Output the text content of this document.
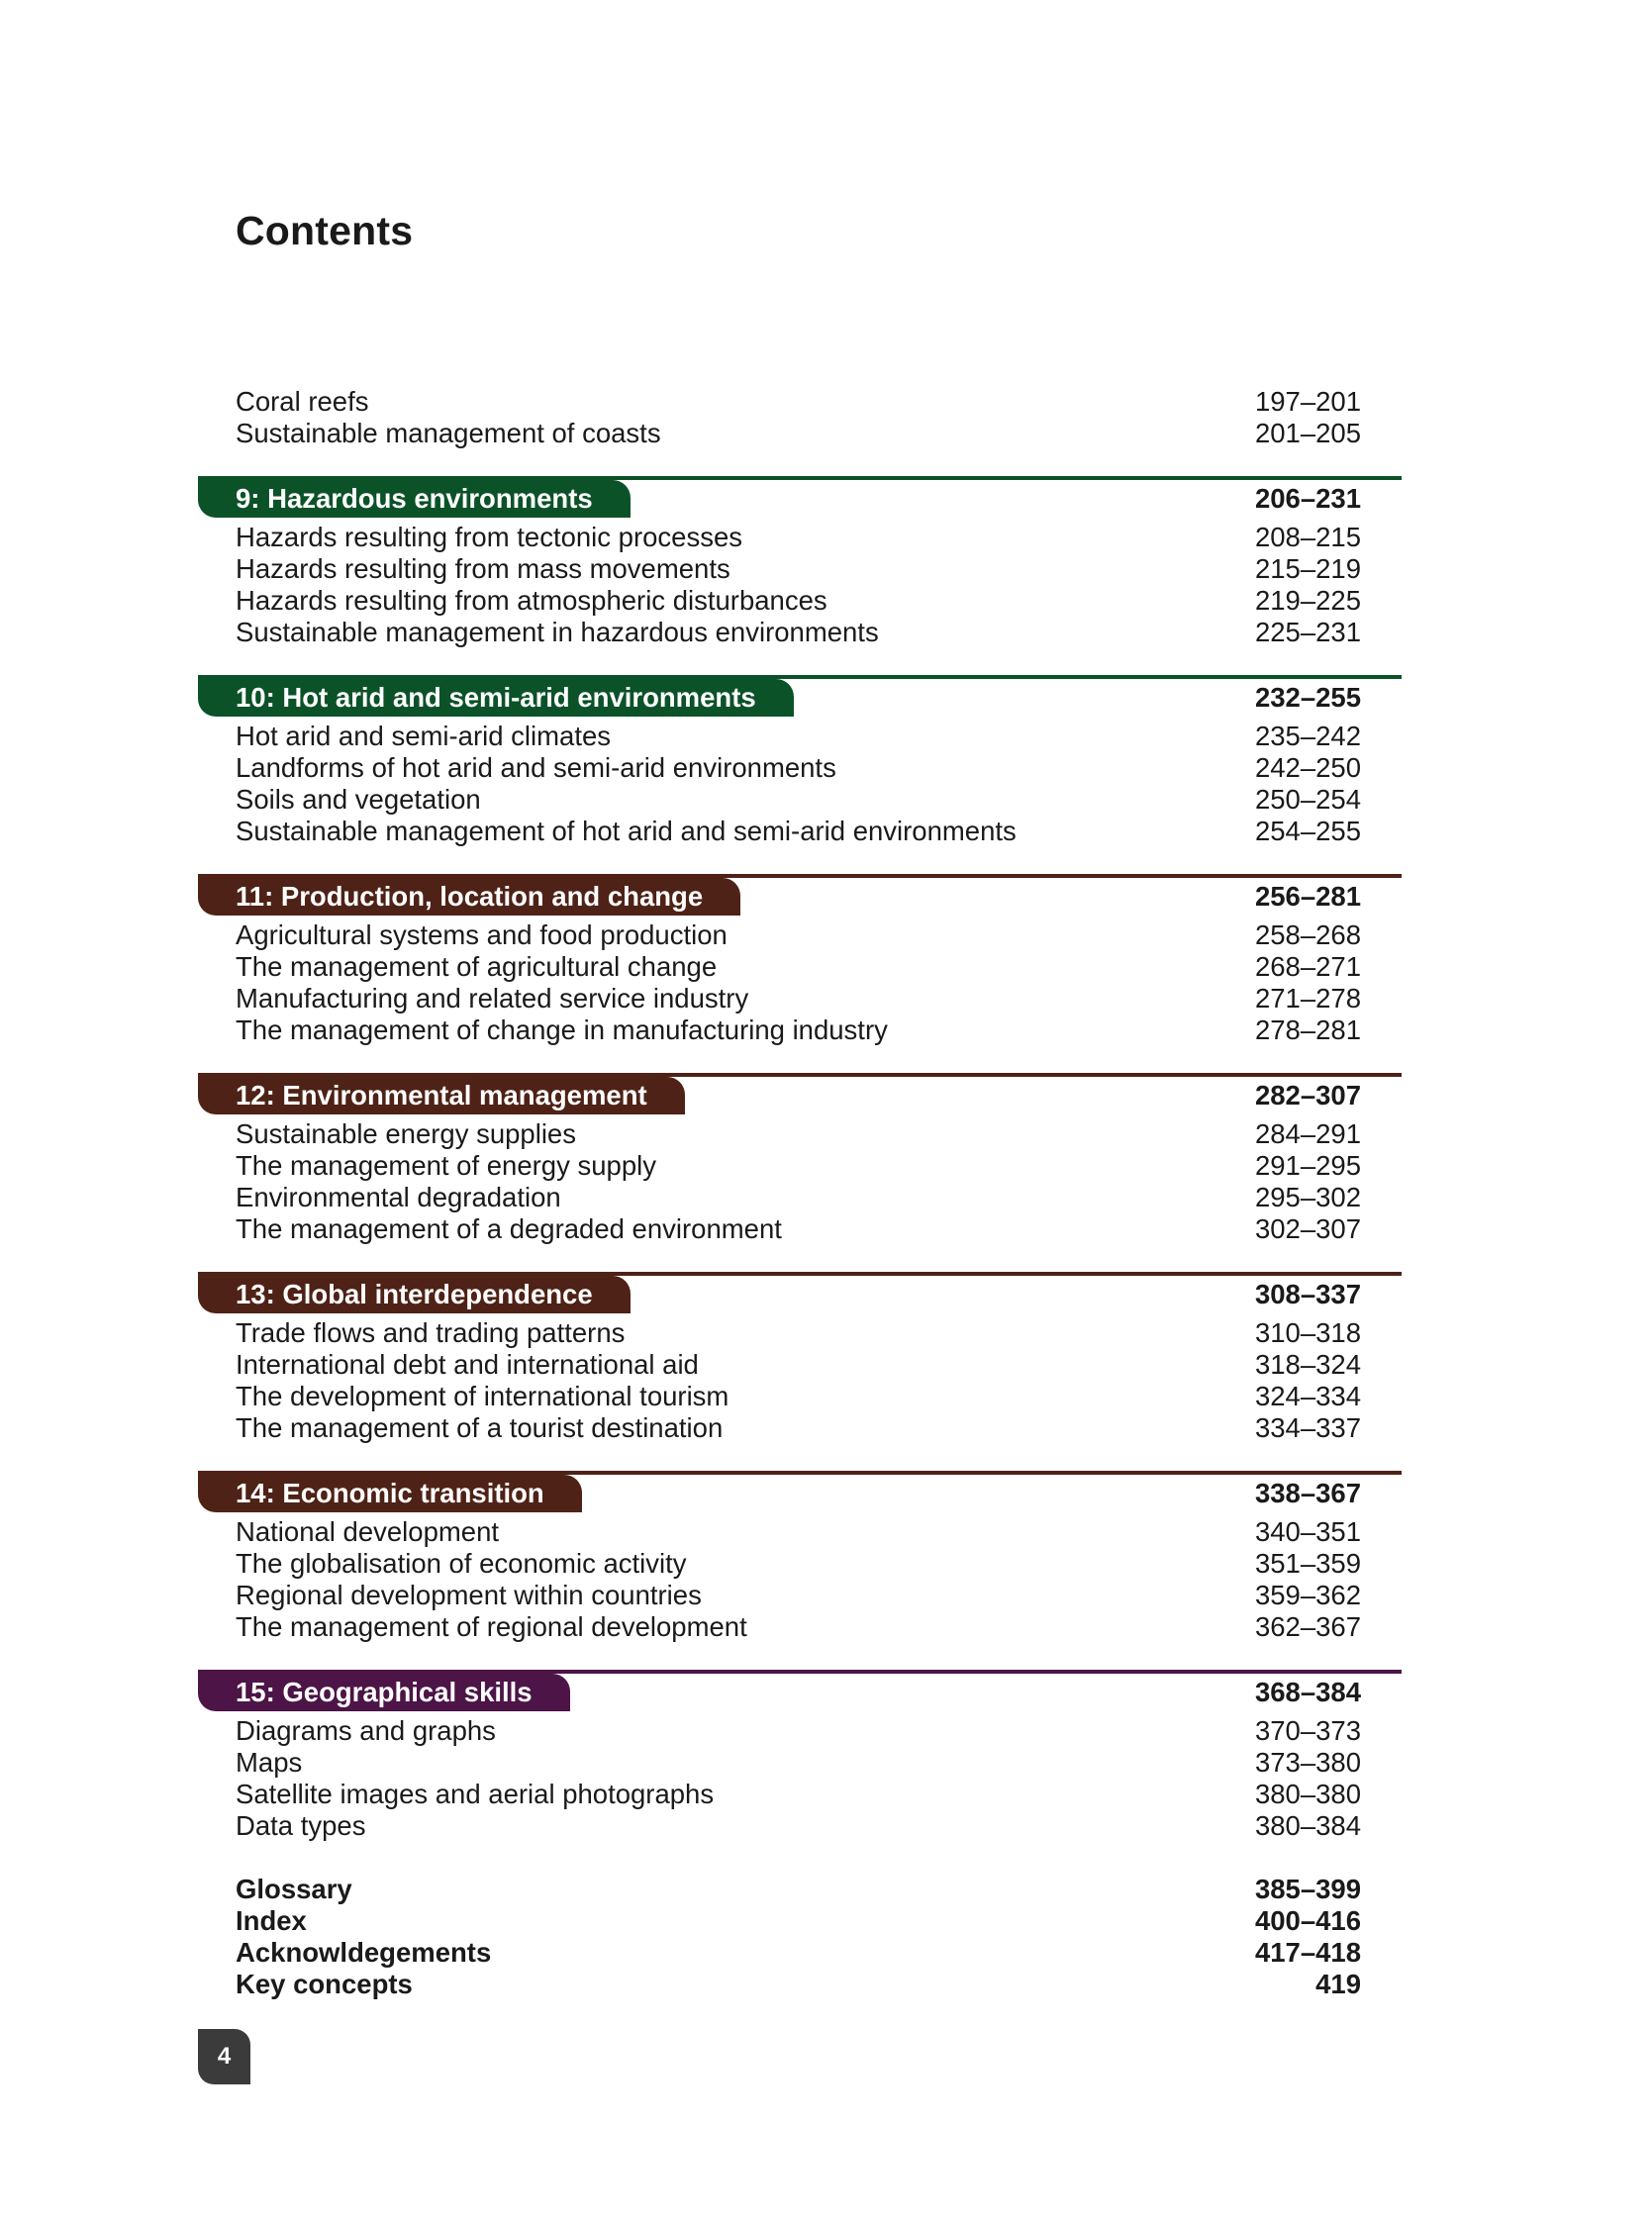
Contents
Coral reefs	197–201
Sustainable management of coasts	201–205
9: Hazardous environments	206–231
Hazards resulting from tectonic processes	208–215
Hazards resulting from mass movements	215–219
Hazards resulting from atmospheric disturbances	219–225
Sustainable management in hazardous environments	225–231
10: Hot arid and semi-arid environments	232–255
Hot arid and semi-arid climates	235–242
Landforms of hot arid and semi-arid environments	242–250
Soils and vegetation	250–254
Sustainable management of hot arid and semi-arid environments	254–255
11: Production, location and change	256–281
Agricultural systems and food production	258–268
The management of agricultural change	268–271
Manufacturing and related service industry	271–278
The management of change in manufacturing industry	278–281
12: Environmental management	282–307
Sustainable energy supplies	284–291
The management of energy supply	291–295
Environmental degradation	295–302
The management of a degraded environment	302–307
13: Global interdependence	308–337
Trade flows and trading patterns	310–318
International debt and international aid	318–324
The development of international tourism	324–334
The management of a tourist destination	334–337
14: Economic transition	338–367
National development	340–351
The globalisation of economic activity	351–359
Regional development within countries	359–362
The management of regional development	362–367
15: Geographical skills	368–384
Diagrams and graphs	370–373
Maps	373–380
Satellite images and aerial photographs	380–380
Data types	380–384
Glossary	385–399
Index	400–416
Acknowldegements	417–418
Key concepts	419
4
